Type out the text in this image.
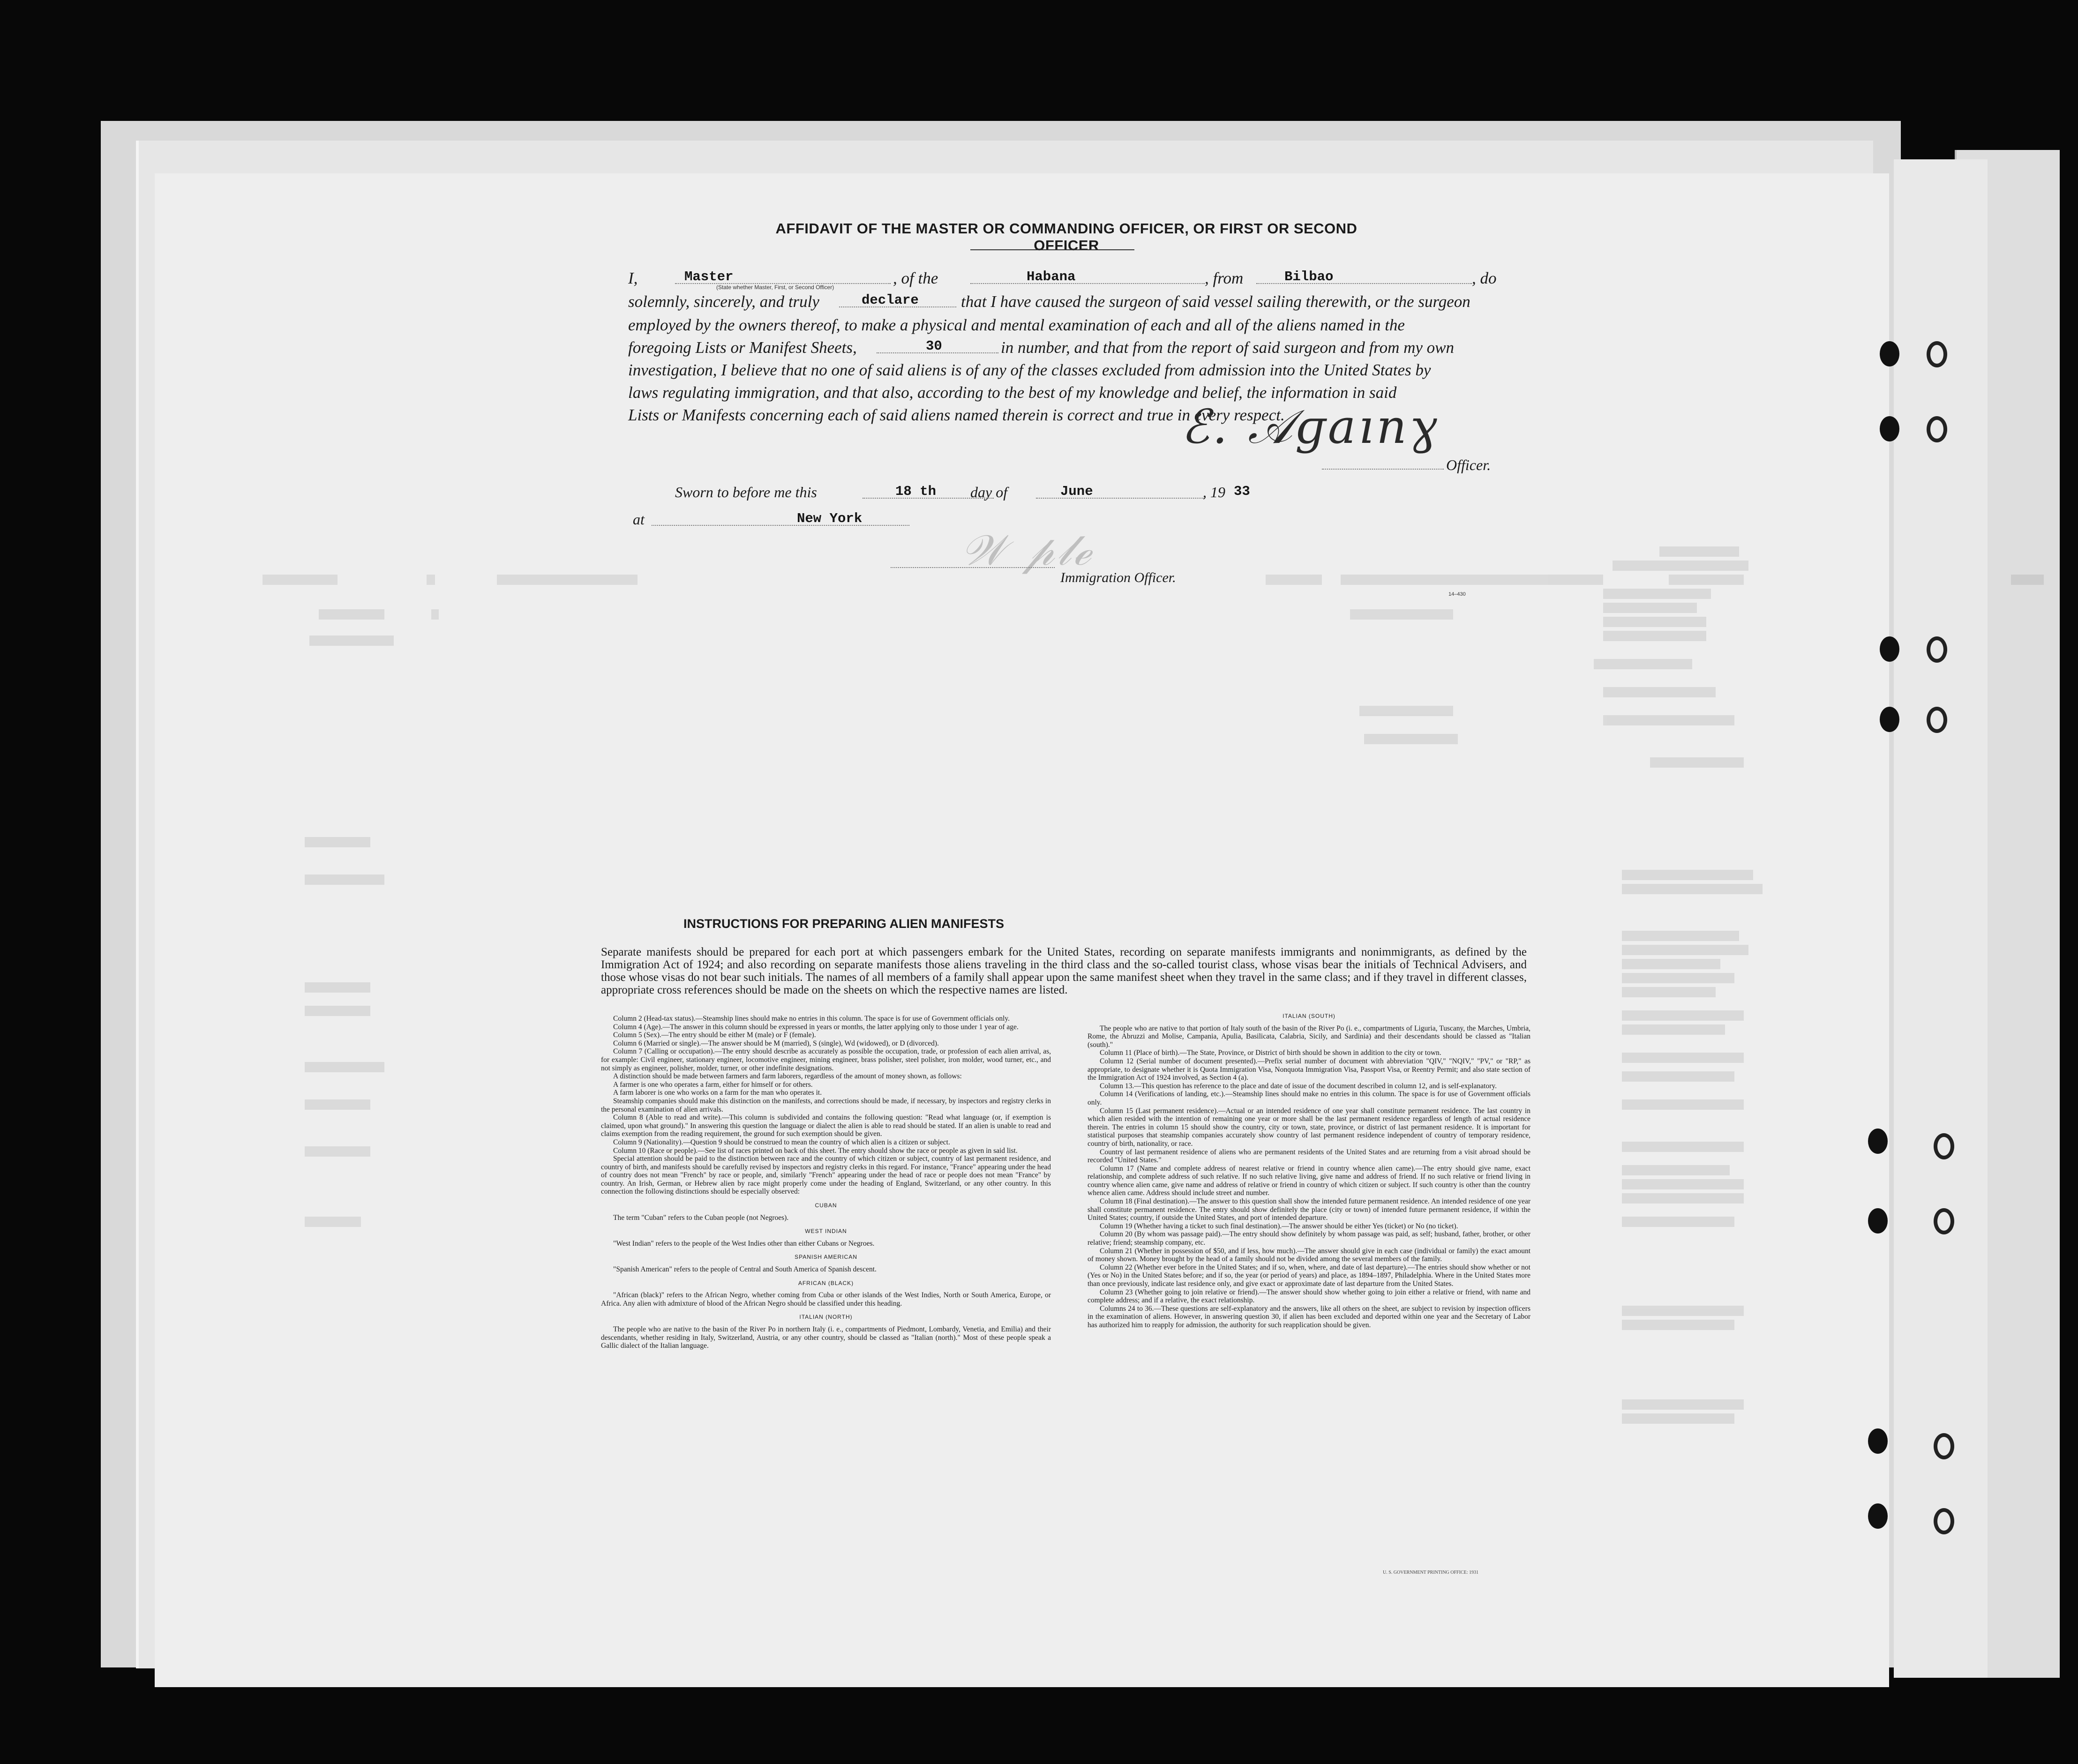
AFFIDAVIT OF THE MASTER OR COMMANDING OFFICER, OR FIRST OR SECOND OFFICER
I,	Master
(State whether Master, First, or Second Officer)	, of the	Habana	, from	Bilbao	, do
solemnly, sincerely, and truly	declare	that I have caused the surgeon of said vessel sailing therewith, or the surgeon
employed by the owners thereof, to make a physical and mental examination of each and all of the aliens named in the
foregoing Lists or Manifest Sheets,	30	in number, and that from the report of said surgeon and from my own
investigation, I believe that no one of said aliens is of any of the classes excluded from admission into the United States by
laws regulating immigration, and that also, according to the best of my knowledge and belief, the information in said
Lists or Manifests concerning each of said aliens named therein is correct and true in every respect.
ℰ. 𝒜ɡaınɣ
Officer.
Sworn to before me this	18 th day of	June	, 19 33
at	New York
𝒲 𝓅𝓁ℯ
Immigration Officer.
14–430
INSTRUCTIONS FOR PREPARING ALIEN MANIFESTS
Separate manifests should be prepared for each port at which passengers embark for the United States, recording on separate manifests immigrants and nonimmigrants, as defined by the Immigration Act of 1924; and also recording on separate manifests those aliens traveling in the third class and the so-called tourist class, whose visas bear the initials of Technical Advisers, and those whose visas do not bear such initials. The names of all members of a family shall appear upon the same manifest sheet when they travel in the same class; and if they travel in different classes, appropriate cross references should be made on the sheets on which the respective names are listed.

Column 2 (Head-tax status).—Steamship lines should make no entries in this column. The space is for use of Government officials only.

Column 4 (Age).—The answer in this column should be expressed in years or months, the latter applying only to those under 1 year of age.

Column 5 (Sex).—The entry should be either M (male) or F (female).

Column 6 (Married or single).—The answer should be M (married), S (single), Wd (widowed), or D (divorced).

Column 7 (Calling or occupation).—The entry should describe as accurately as possible the occupation, trade, or profession of each alien arrival, as, for example: Civil engineer, stationary engineer, locomotive engineer, mining engineer, brass polisher, steel polisher, iron molder, wood turner, etc., and not simply as engineer, polisher, molder, turner, or other indefinite designations.

A distinction should be made between farmers and farm laborers, regardless of the amount of money shown, as follows:

A farmer is one who operates a farm, either for himself or for others.

A farm laborer is one who works on a farm for the man who operates it.

Steamship companies should make this distinction on the manifests, and corrections should be made, if necessary, by inspectors and registry clerks in the personal examination of alien arrivals.

Column 8 (Able to read and write).—This column is subdivided and contains the following question: "Read what language (or, if exemption is claimed, upon what ground)." In answering this question the language or dialect the alien is able to read should be stated. If an alien is unable to read and claims exemption from the reading requirement, the ground for such exemption should be given.

Column 9 (Nationality).—Question 9 should be construed to mean the country of which alien is a citizen or subject.

Column 10 (Race or people).—See list of races printed on back of this sheet. The entry should show the race or people as given in said list.

Special attention should be paid to the distinction between race and the country of which citizen or subject, country of last permanent residence, and country of birth, and manifests should be carefully revised by inspectors and registry clerks in this regard. For instance, "France" appearing under the head of country does not mean "French" by race or people, and, similarly "French" appearing under the head of race or people does not mean "France" by country. An Irish, German, or Hebrew alien by race might properly come under the heading of England, Switzerland, or any other country. In this connection the following distinctions should be especially observed:

CUBAN

The term "Cuban" refers to the Cuban people (not Negroes).

WEST INDIAN

"West Indian" refers to the people of the West Indies other than either Cubans or Negroes.

SPANISH AMERICAN

"Spanish American" refers to the people of Central and South America of Spanish descent.

AFRICAN (BLACK)

"African (black)" refers to the African Negro, whether coming from Cuba or other islands of the West Indies, North or South America, Europe, or Africa. Any alien with admixture of blood of the African Negro should be classified under this heading.

ITALIAN (NORTH)

The people who are native to the basin of the River Po in northern Italy (i. e., compartments of Piedmont, Lombardy, Venetia, and Emilia) and their descendants, whether residing in Italy, Switzerland, Austria, or any other country, should be classed as "Italian (north)." Most of these people speak a Gallic dialect of the Italian language.

ITALIAN (SOUTH)

The people who are native to that portion of Italy south of the basin of the River Po (i. e., compartments of Liguria, Tuscany, the Marches, Umbria, Rome, the Abruzzi and Molise, Campania, Apulia, Basilicata, Calabria, Sicily, and Sardinia) and their descendants should be classed as "Italian (south)."

Column 11 (Place of birth).—The State, Province, or District of birth should be shown in addition to the city or town.

Column 12 (Serial number of document presented).—Prefix serial number of document with abbreviation "QIV," "NQIV," "PV," or "RP," as appropriate, to designate whether it is Quota Immigration Visa, Nonquota Immigration Visa, Passport Visa, or Reentry Permit; and also state section of the Immigration Act of 1924 involved, as Section 4 (a).

Column 13.—This question has reference to the place and date of issue of the document described in column 12, and is self-explanatory.

Column 14 (Verifications of landing, etc.).—Steamship lines should make no entries in this column. The space is for use of Government officials only.

Column 15 (Last permanent residence).—Actual or an intended residence of one year shall constitute permanent residence. The last country in which alien resided with the intention of remaining one year or more shall be the last permanent residence regardless of length of actual residence therein. The entries in column 15 should show the country, city or town, state, province, or district of last permanent residence. It is important for statistical purposes that steamship companies accurately show country of last permanent residence independent of country of temporary residence, country of birth, nationality, or race.

Country of last permanent residence of aliens who are permanent residents of the United States and are returning from a visit abroad should be recorded "United States."

Column 17 (Name and complete address of nearest relative or friend in country whence alien came).—The entry should give name, exact relationship, and complete address of such relative. If no such relative living, give name and address of friend. If no such relative or friend living in country whence alien came, give name and address of relative or friend in country of which citizen or subject. If such country is other than the country whence alien came. Address should include street and number.

Column 18 (Final destination).—The answer to this question shall show the intended future permanent residence. An intended residence of one year shall constitute permanent residence. The entry should show definitely the place (city or town) of intended future permanent residence, if within the United States; country, if outside the United States, and port of intended departure.

Column 19 (Whether having a ticket to such final destination).—The answer should be either Yes (ticket) or No (no ticket).

Column 20 (By whom was passage paid).—The entry should show definitely by whom passage was paid, as self; husband, father, brother, or other relative; friend; steamship company, etc.

Column 21 (Whether in possession of $50, and if less, how much).—The answer should give in each case (individual or family) the exact amount of money shown. Money brought by the head of a family should not be divided among the several members of the family.

Column 22 (Whether ever before in the United States; and if so, when, where, and date of last departure).—The entries should show whether or not (Yes or No) in the United States before; and if so, the year (or period of years) and place, as 1894–1897, Philadelphia. Where in the United States more than once previously, indicate last residence only, and give exact or approximate date of last departure from the United States.

Column 23 (Whether going to join relative or friend).—The answer should show whether going to join either a relative or friend, with name and complete address; and if a relative, the exact relationship.

Columns 24 to 36.—These questions are self-explanatory and the answers, like all others on the sheet, are subject to revision by inspection officers in the examination of aliens. However, in answering question 30, if alien has been excluded and deported within one year and the Secretary of Labor has authorized him to reapply for admission, the authority for such reapplication should be given.

U. S. GOVERNMENT PRINTING OFFICE: 1931
